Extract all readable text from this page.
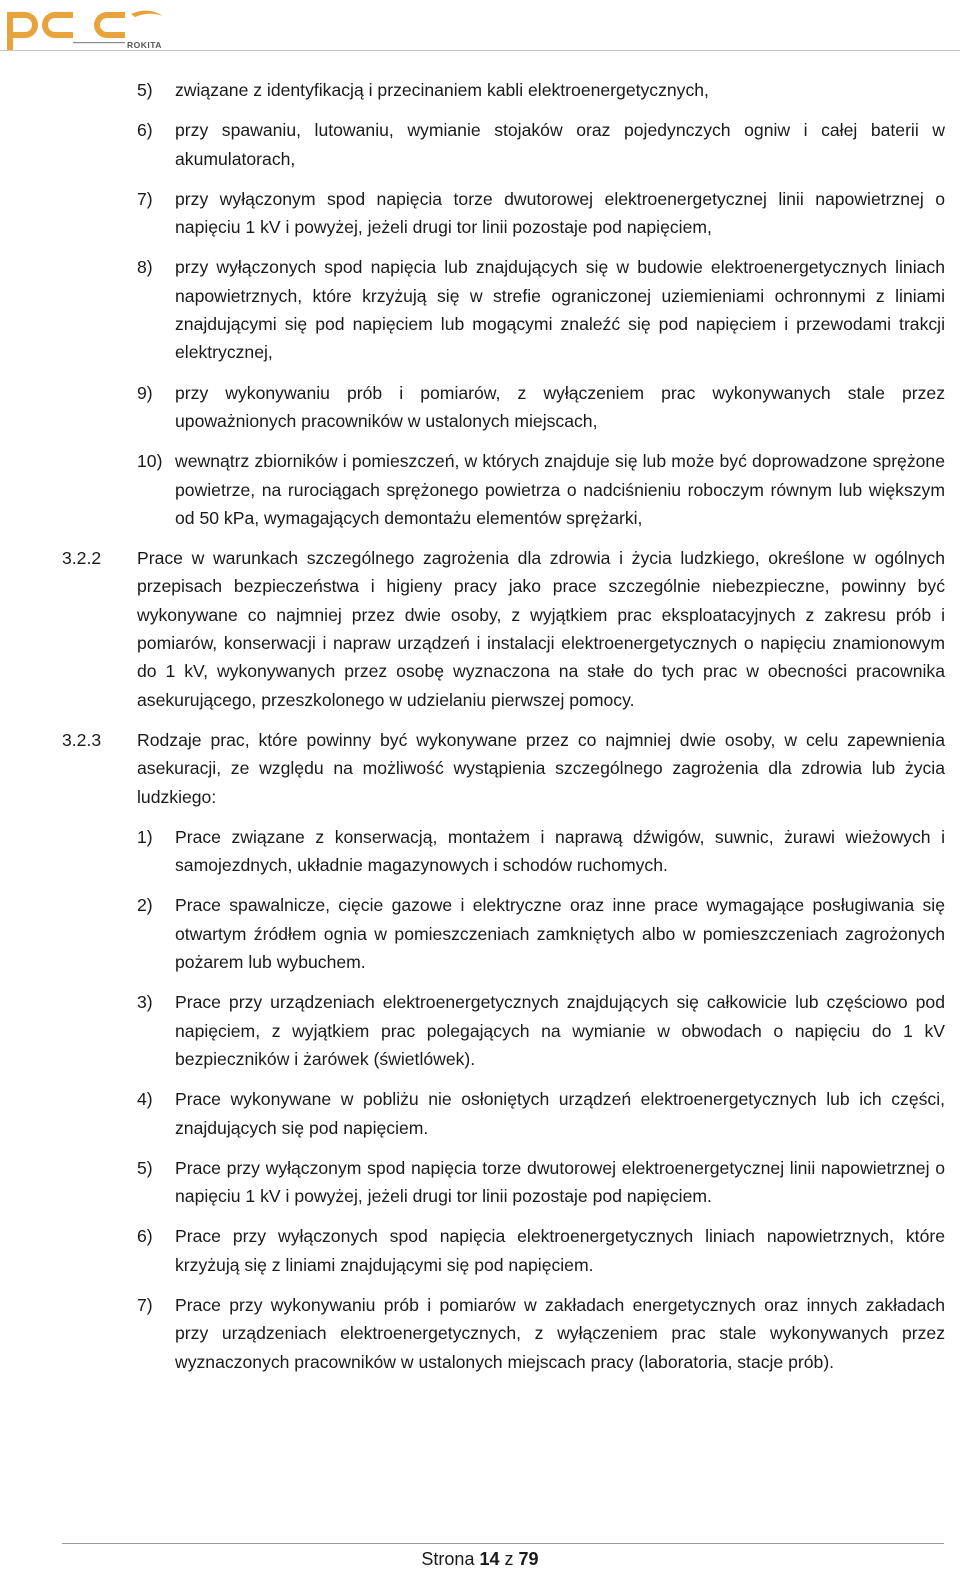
ROKITA
5) związane z identyfikacją i przecinaniem kabli elektroenergetycznych,
6) przy spawaniu, lutowaniu, wymianie stojaków oraz pojedynczych ogniw i całej baterii w akumulatorach,
7) przy wyłączonym spod napięcia torze dwutorowej elektroenergetycznej linii napowietrznej o napięciu 1 kV i powyżej, jeżeli drugi tor linii pozostaje pod napięciem,
8) przy wyłączonych spod napięcia lub znajdujących się w budowie elektroenergetycznych liniach napowietrznych, które krzyżują się w strefie ograniczonej uziemieniami ochronnymi z liniami znajdującymi się pod napięciem lub mogącymi znaleźć się pod napięciem i przewodami trakcji elektrycznej,
9) przy wykonywaniu prób i pomiarów, z wyłączeniem prac wykonywanych stale przez upoważnionych pracowników w ustalonych miejscach,
10) wewnątrz zbiorników i pomieszczeń, w których znajduje się lub może być doprowadzone sprężone powietrze, na rurociągach sprężonego powietrza o nadciśnieniu roboczym równym lub większym od 50 kPa, wymagających demontażu elementów sprężarki,
3.2.2 Prace w warunkach szczególnego zagrożenia dla zdrowia i życia ludzkiego, określone w ogólnych przepisach bezpieczeństwa i higieny pracy jako prace szczególnie niebezpieczne, powinny być wykonywane co najmniej przez dwie osoby, z wyjątkiem prac eksploatacyjnych z zakresu prób i pomiarów, konserwacji i napraw urządzeń i instalacji elektroenergetycznych o napięciu znamionowym do 1 kV, wykonywanych przez osobę wyznaczona na stałe do tych prac w obecności pracownika asekurującego, przeszkolonego w udzielaniu pierwszej pomocy.
3.2.3 Rodzaje prac, które powinny być wykonywane przez co najmniej dwie osoby, w celu zapewnienia asekuracji, ze względu na możliwość wystąpienia szczególnego zagrożenia dla zdrowia lub życia ludzkiego:
1) Prace związane z konserwacją, montażem i naprawą dźwigów, suwnic, żurawi wieżowych i samojezdnych, układnie magazynowych i schodów ruchomych.
2) Prace spawalnicze, cięcie gazowe i elektryczne oraz inne prace wymagające posługiwania się otwartym źródłem ognia w pomieszczeniach zamkniętych albo w pomieszczeniach zagrożonych pożarem lub wybuchem.
3) Prace przy urządzeniach elektroenergetycznych znajdujących się całkowicie lub częściowo pod napięciem, z wyjątkiem prac polegających na wymianie w obwodach o napięciu do 1 kV bezpieczników i żarówek (świetlówek).
4) Prace wykonywane w pobliżu nie osłoniętych urządzeń elektroenergetycznych lub ich części, znajdujących się pod napięciem.
5) Prace przy wyłączonym spod napięcia torze dwutorowej elektroenergetycznej linii napowietrznej o napięciu 1 kV i powyżej, jeżeli drugi tor linii pozostaje pod napięciem.
6) Prace przy wyłączonych spod napięcia elektroenergetycznych liniach napowietrznych, które krzyżują się z liniami znajdującymi się pod napięciem.
7) Prace przy wykonywaniu prób i pomiarów w zakładach energetycznych oraz innych zakładach przy urządzeniach elektroenergetycznych, z wyłączeniem prac stale wykonywanych przez wyznaczonych pracowników w ustalonych miejscach pracy (laboratoria, stacje prób).
Strona 14 z 79
